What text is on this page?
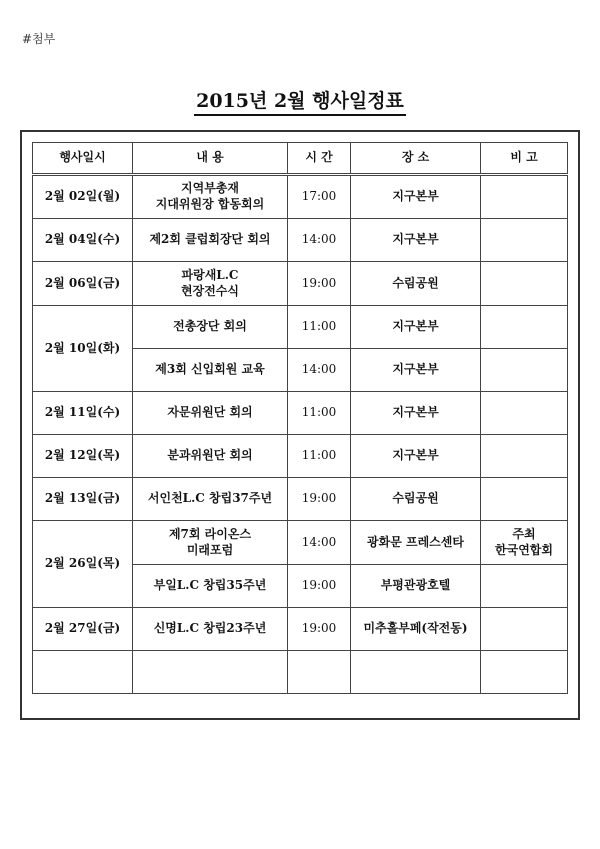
#첨부
2015년 2월 행사일정표
행사일시	내 용	시 간	장 소	비 고
2월 02일(월)	지역부총재
지대위원장 합동회의	17:00	지구본부	
2월 04일(수)	제2회 클럽회장단 회의	14:00	지구본부	
2월 06일(금)	파랑새L.C
현장전수식	19:00	수림공원	
2월 10일(화)	전총장단 회의	11:00	지구본부	
	제3회 신입회원 교육	14:00	지구본부	
2월 11일(수)	자문위원단 회의	11:00	지구본부	
2월 12일(목)	분과위원단 회의	11:00	지구본부	
2월 13일(금)	서인천L.C 창립37주년	19:00	수림공원	
2월 26일(목)	제7회 라이온스
미래포럼	14:00	광화문 프레스센타	주최
한국연합회
	부일L.C 창립35주년	19:00	부평관광호텔	
2월 27일(금)	신명L.C 창립23주년	19:00	미추홀부페(작전동)	
